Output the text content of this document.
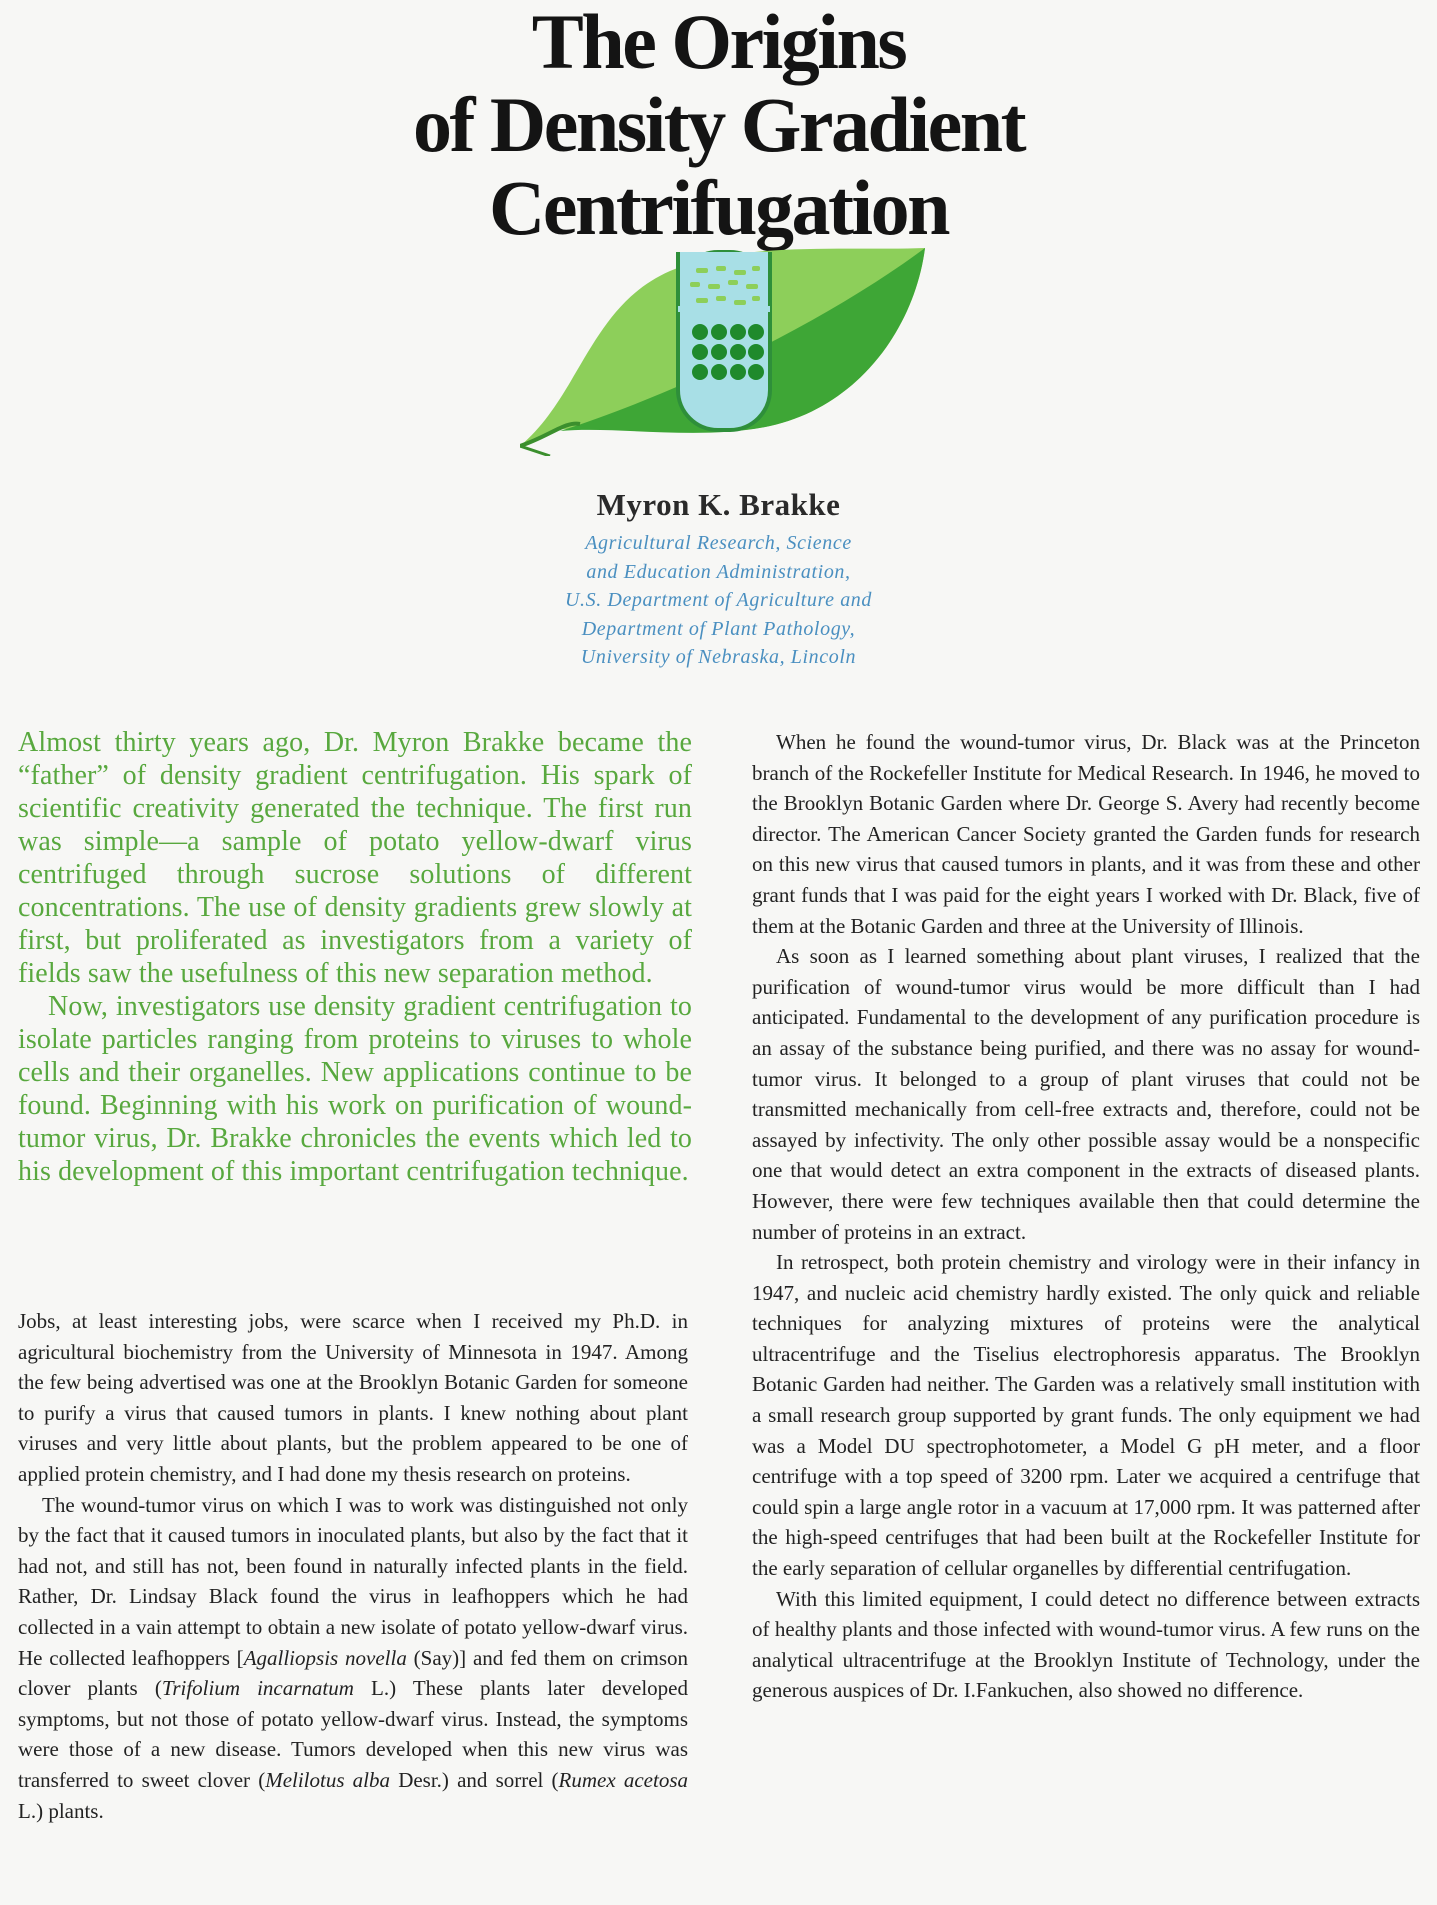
The Origins
of Density Gradient
Centrifugation
Myron K. Brakke
Agricultural Research, Science
and Education Administration,
U.S. Department of Agriculture and
Department of Plant Pathology,
University of Nebraska, Lincoln

Almost thirty years ago, Dr. Myron Brakke became the “father” of density gradient centrifugation. His spark of scientific creativity generated the technique. The first run was simple—a sample of potato yellow-dwarf virus centrifuged through sucrose solutions of different concentrations. The use of density gradients grew slowly at first, but proliferated as investigators from a variety of fields saw the usefulness of this new separation method.

Now, investigators use density gradient centrifugation to isolate particles ranging from proteins to viruses to whole cells and their organelles. New applications continue to be found. Beginning with his work on purification of wound-tumor virus, Dr. Brakke chronicles the events which led to his development of this important centrifugation technique.

Jobs, at least interesting jobs, were scarce when I received my Ph.D. in agricultural biochemistry from the University of Minnesota in 1947. Among the few being advertised was one at the Brooklyn Botanic Garden for someone to purify a virus that caused tumors in plants. I knew nothing about plant viruses and very little about plants, but the problem appeared to be one of applied protein chemistry, and I had done my thesis research on proteins.

The wound-tumor virus on which I was to work was distinguished not only by the fact that it caused tumors in inoculated plants, but also by the fact that it had not, and still has not, been found in naturally infected plants in the field. Rather, Dr. Lindsay Black found the virus in leafhoppers which he had collected in a vain attempt to obtain a new isolate of potato yellow-dwarf virus. He collected leafhoppers [Agalliopsis novella (Say)] and fed them on crimson clover plants (Trifolium incarnatum L.) These plants later developed symptoms, but not those of potato yellow-dwarf virus. Instead, the symptoms were those of a new disease. Tumors developed when this new virus was transferred to sweet clover (Melilotus alba Desr.) and sorrel (Rumex acetosa L.) plants.

When he found the wound-tumor virus, Dr. Black was at the Princeton branch of the Rockefeller Institute for Medical Research. In 1946, he moved to the Brooklyn Botanic Garden where Dr. George S. Avery had recently become director. The American Cancer Society granted the Garden funds for research on this new virus that caused tumors in plants, and it was from these and other grant funds that I was paid for the eight years I worked with Dr. Black, five of them at the Botanic Garden and three at the University of Illinois.

As soon as I learned something about plant viruses, I realized that the purification of wound-tumor virus would be more difficult than I had anticipated. Fundamental to the development of any purification procedure is an assay of the substance being purified, and there was no assay for wound-tumor virus. It belonged to a group of plant viruses that could not be transmitted mechanically from cell-free extracts and, therefore, could not be assayed by infectivity. The only other possible assay would be a nonspecific one that would detect an extra component in the extracts of diseased plants. However, there were few techniques available then that could determine the number of proteins in an extract.

In retrospect, both protein chemistry and virology were in their infancy in 1947, and nucleic acid chemistry hardly existed. The only quick and reliable techniques for analyzing mixtures of proteins were the analytical ultracentrifuge and the Tiselius electrophoresis apparatus. The Brooklyn Botanic Garden had neither. The Garden was a relatively small institution with a small research group supported by grant funds. The only equipment we had was a Model DU spectrophotometer, a Model G pH meter, and a floor centrifuge with a top speed of 3200 rpm. Later we acquired a centrifuge that could spin a large angle rotor in a vacuum at 17,000 rpm. It was patterned after the high-speed centrifuges that had been built at the Rockefeller Institute for the early separation of cellular organelles by differential centrifugation.

With this limited equipment, I could detect no difference between extracts of healthy plants and those infected with wound-tumor virus. A few runs on the analytical ultracentrifuge at the Brooklyn Institute of Technology, under the generous auspices of Dr. I.Fankuchen, also showed no difference.
